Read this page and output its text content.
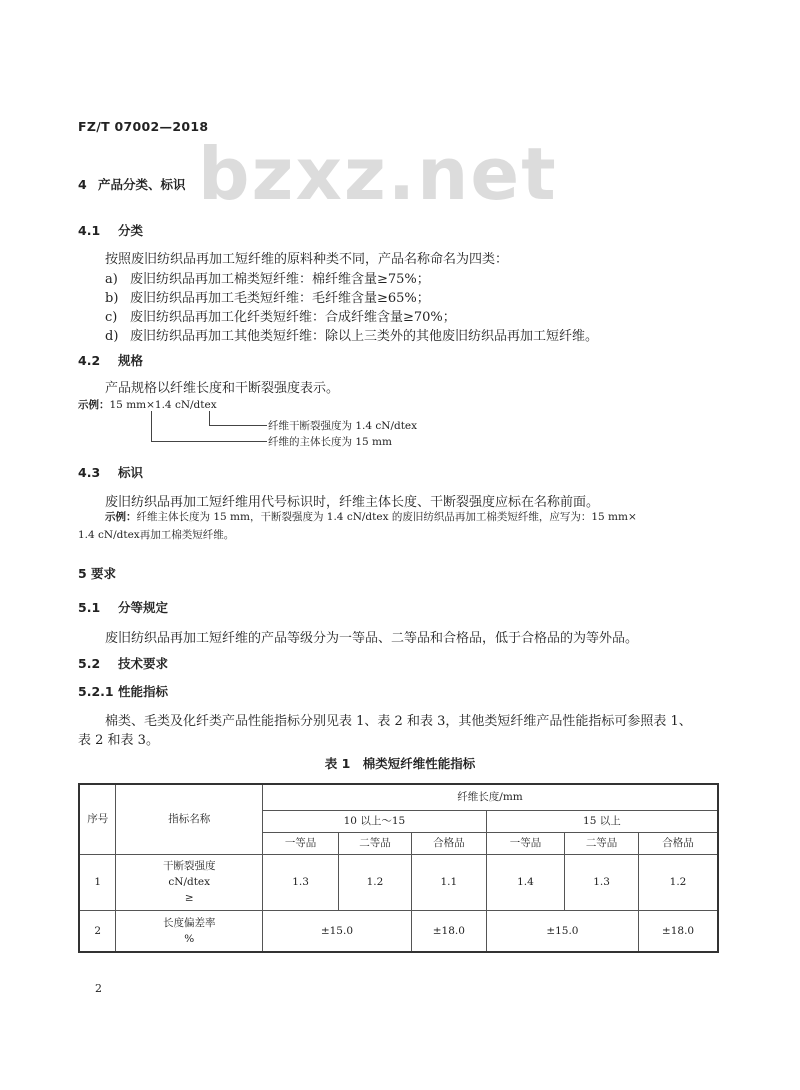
FZ/T 07002—2018
bzxz.net
4 产品分类、标识
4.1 分类
按照废旧纺织品再加工短纤维的原料种类不同，产品名称命名为四类：
a) 废旧纺织品再加工棉类短纤维：棉纤维含量≥75%；
b) 废旧纺织品再加工毛类短纤维：毛纤维含量≥65%；
c) 废旧纺织品再加工化纤类短纤维：合成纤维含量≥70%；
d) 废旧纺织品再加工其他类短纤维：除以上三类外的其他废旧纺织品再加工短纤维。
4.2 规格
产品规格以纤维长度和干断裂强度表示。
示例：15 mm×1.4 cN/dtex
纤维干断裂强度为 1.4 cN/dtex
纤维的主体长度为 15 mm
4.3 标识
废旧纺织品再加工短纤维用代号标识时，纤维主体长度、干断裂强度应标在名称前面。
示例：纤维主体长度为 15 mm，干断裂强度为 1.4 cN/dtex 的废旧纺织品再加工棉类短纤维，应写为：15 mm×
1.4 cN/dtex再加工棉类短纤维。
5 要求
5.1 分等规定
废旧纺织品再加工短纤维的产品等级分为一等品、二等品和合格品，低于合格品的为等外品。
5.2 技术要求
5.2.1 性能指标
棉类、毛类及化纤类产品性能指标分别见表 1、表 2 和表 3，其他类短纤维产品性能指标可参照表 1、
表 2 和表 3。
表 1　棉类短纤维性能指标
序号	指标名称	纤维长度/mm					
		10 以上～15			15 以上		
		一等品	二等品	合格品	一等品	二等品	合格品
1	干断裂强度
cN/dtex
≥	1.3	1.2	1.1	1.4	1.3	1.2
2	长度偏差率
%	±15.0		±18.0	±15.0		±18.0
2
